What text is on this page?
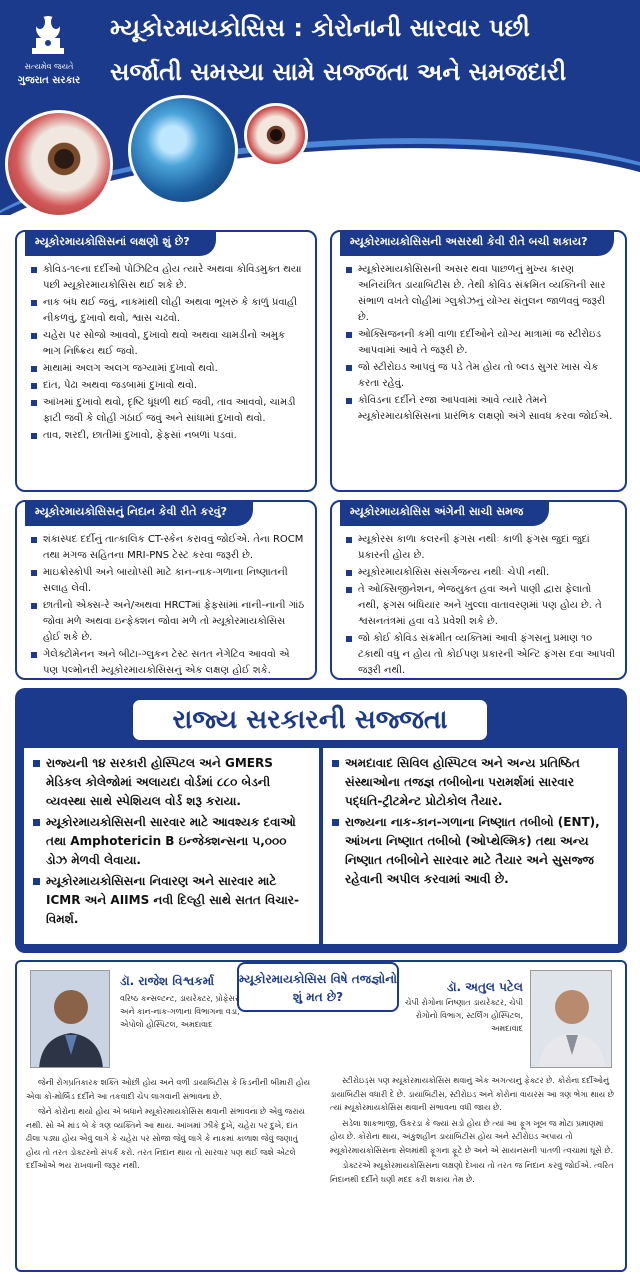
સત્યમેવ જયતે
ગુજરાત સરકાર
મ્યૂકોરમાયકોસિસ : કોરોનાની સારવાર પછી
સર્જાતી સમસ્યા સામે સજ્જતા અને સમજદારી
મ્યૂકોરમાયકોસિસનાં લક્ષણો શું છે?
કોવિડ-૧૯ના દર્દીઓ પોઝિટિવ હોય ત્યારે અથવા કોવિડમુક્ત થયા પછી મ્યૂકોરમાયકોસિસ થઈ શકે છે.
નાક બંધ થઈ જવું, નાકમાંથી લોહી અથવા ભૂખરું કે કાળું પ્રવાહી નીકળવું, દુખાવો થવો, શ્વાસ ચઢવો.
ચહેરા પર સોજો આવવો, દુખાવો થવો અથવા ચામડીનો અમુક ભાગ નિષ્ક્રિય થઈ જવો.
માથામાં અલગ અલગ જગ્યામાં દુખાવો થવો.
દાંત, પેઢા અથવા જડબામાં દુખાવો થવો.
આંખમાં દુખાવો થવો, દૃષ્ટિ ધૂંધળી થઈ જવી, તાવ આવવો, ચામડી ફાટી જવી કે લોહી ગંઠાઈ જવું અને સાંધામાં દુખાવો થવો.
તાવ, શરદી, છાતીમાં દુખાવો, ફેફસાં નબળાં પડવાં.
મ્યૂકોરમાયકોસિસની અસરથી કેવી રીતે બચી શકાય?
મ્યૂકોરમાયકોસિસની અસર થવા પાછળનું મુખ્ય કારણ અનિયંત્રિત ડાયાબિટીસ છે. તેથી કોવિડ સંક્રમિત વ્યક્તિની સાર સંભાળ વખતે લોહીમાં ગ્લુકોઝનું યોગ્ય સંતુલન જાળવવું જરૂરી છે.
ઓક્સિજનની કમી વાળા દર્દીઓને યોગ્ય માત્રામાં જ સ્ટીરોઇડ આપવામાં આવે તે જરૂરી છે.
જો સ્ટીરોઇડ આપવું જ પડે તેમ હોય તો બ્લડ સુગર ખાસ ચેક કરતા રહેવું.
કોવિડના દર્દીને રજા આપવામાં આવે ત્યારે તેમને મ્યૂકોરમાયકોસિસના પ્રારંભિક લક્ષણો અંગે સાવધ કરવા જોઈએ.
મ્યૂકોરમાયકોસિસનું નિદાન કેવી રીતે કરવું?
શંકાસ્પદ દર્દીનું તાત્કાલિક CT-સ્કેન કરાવવું જોઈએ. તેના ROCM તથા મગજ સહિતના MRI-PNS ટેસ્ટ કરવા જરૂરી છે.
માઇક્રોસ્કોપી અને બાયોપ્સી માટે કાન-નાક-ગળાના નિષ્ણાતની સલાહ લેવી.
છાતીનો એક્સ-રે અને/અથવા HRCTમાં ફેફસાંમાં નાની-નાની ગાંઠ જોવા મળે અથવા ઇન્ફેક્શન જોવા મળે તો મ્યૂકોરમાયકોસિસ હોઈ શકે છે.
ગેલેક્ટોમેનન અને બીટા-ગ્લુકન ટેસ્ટ સતત નેગેટિવ આવવો એ પણ પલ્મોનરી મ્યૂકોરમાયકોસિસનું એક લક્ષણ હોઈ શકે.
મ્યૂકોરમાયકોસિસ અંગેની સાચી સમજ
મ્યૂકોરસ કાળા કલરની ફંગસ નથીઃ કાળી ફંગસ જુદાં જુદાં પ્રકારની હોય છે.
મ્યૂકોરમાયકોસિસ સંસર્ગજન્ય નથીઃ ચેપી નથી.
તે ઓક્સિજીનેશન, ભેજયુક્ત હવા અને પાણી દ્વારા ફેલાતો નથી, ફંગસ બંધિયાર અને ખુલ્લા વાતાવરણમાં પણ હોય છે. તે શ્વસનતંત્રમાં હવા વડે પ્રવેશી શકે છે.
જો કોઈ કોવિડ સંક્રમીત વ્યક્તિમાં આવી ફંગસનું પ્રમાણ ૧૦ ટકાથી વધુ ન હોય તો કોઈપણ પ્રકારની એન્ટિ ફંગસ દવા આપવી જરૂરી નથી.
રાજ્ય સરકારની સજ્જતા
રાજ્યની ૧૪ સરકારી હોસ્પિટલ અને GMERS મેડિકલ કોલેજોમાં અલાયદા વોર્ડમાં ૮૮૦ બેડની વ્યવસ્થા સાથે સ્પેશિયલ વોર્ડ શરૂ કરાયા.
મ્યૂકોરમાયકોસિસની સારવાર માટે આવશ્યક દવાઓ તથા Amphotericin B ઇન્જેક્શન્સના ૫,૦૦૦ ડોઝ મેળવી લેવાયા.
મ્યૂકોરમાયકોસિસના નિવારણ અને સારવાર માટે ICMR અને AIIMS નવી દિલ્હી સાથે સતત વિચાર-વિમર્શ.
અમદાવાદ સિવિલ હોસ્પિટલ અને અન્ય પ્રતિષ્ઠિત સંસ્થાઓના તજજ્ઞ તબીબોના પરામર્શમાં સારવાર પદ્ધતિ-ટ્રીટમેન્ટ પ્રોટોકોલ તૈયાર.
રાજ્યના નાક-કાન-ગળાના નિષ્ણાત તબીબો (ENT), આંખના નિષ્ણાત તબીબો (ઓપ્થેલ્મિક) તથા અન્ય નિષ્ણાત તબીબોને સારવાર માટે તૈયાર અને સુસજ્જ રહેવાની અપીલ કરવામાં આવી છે.
મ્યૂકોરમાયકોસિસ વિષે તજજ્ઞોનો શું મત છે?
ડૉ. રાજેશ વિશ્વકર્મા
વરિષ્ઠ કન્સલ્ટન્ટ, ડાયરેક્ટર, પ્રોફેસર અને કાન-નાક-ગળાના વિભાગના વડા, એપોલો હોસ્પિટલ, અમદાવાદ

જેની રોગપ્રતિકારક શક્તિ ઓછી હોય અને વળી ડાયાબિટીસ કે કિડનીની બીમારી હોય એવા કો-મોર્બિડ દર્દીને આ તકવાદી ચેપ લાગવાની સંભાવના છે.

જેને કોરોના થયો હોય એ બધાને મ્યૂકોરમાયકોસિસ થવાની સંભાવના છે એવું જરાય નથી. સો એ માંડ બે કે ત્રણ વ્યક્તિને આ થાય. આંખમાં ઝીંકે દુખે, ચહેરા પર દુખે, દાંત ઢીલા પડ્યા હોય એવું લાગે કે ચહેરા પર સોજા જેવું લાગે કે નાકમાં કાળાશ જેવું જણાતું હોય તો તરત ડોક્ટરનો સંપર્ક કરો. તરત નિદાન થાય તો સારવાર પણ થઈ જશે એટલે દર્દીઓએ ભય રાખવાની જરૂર નથી.

ડૉ. અતુલ પટેલ
ચેપી રોગોના નિષ્ણાત ડાયરેક્ટર, ચેપી રોગોનો વિભાગ, સ્ટર્લિંગ હોસ્પિટલ, અમદાવાદ

સ્ટીરોઇડ્સ પણ મ્યૂકોરમાયકોસિસ થવાનું એક અગત્યનું ફેક્ટર છે. કોરોના દર્દીઓનું ડાયાબિટીસ વધારી દે છે. ડાયાબિટીસ, સ્ટીરોઇડ અને કોરોના વાયરસ આ ત્રણ ભેગા થાય છે ત્યાં મ્યૂકોરમાયકોસિસ થવાની સંભાવના વધી જાય છે.

સડેલા શાકભાજી, ઉકરડા કે જ્યાં સડો હોય છે ત્યાં આ ફૂગ ખૂબ જ મોટા પ્રમાણમાં હોય છે. કોરોના થાય, અંકુશહીન ડાયાબિટીસ હોય અને સ્ટીરોઇડ અપાય તો મ્યૂકોરમાયકોસિસના સેલમાંથી ફૂગના ફૂટે છે અને એ સાયનસની પાતળી ત્વચામાં ઘૂસે છે.

ડોક્ટરએ મ્યૂકોરમાયકોસિસના લક્ષણો દેખાય તો તરત જ નિદાન કરવું જોઈએ. ત્વરિત નિદાનથી દર્દીને ઘણી મદદ કરી શકાય તેમ છે.
